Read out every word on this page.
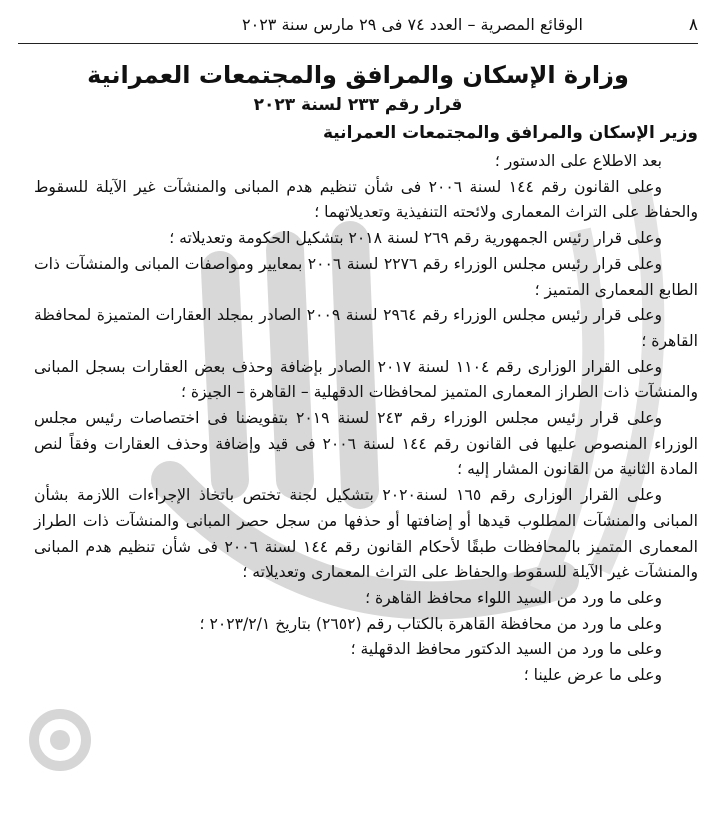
٨
الوقائع المصرية – العدد ٧٤ فى ٢٩ مارس سنة ٢٠٢٣
وزارة الإسكان والمرافق والمجتمعات العمرانية
قرار رقم ٢٣٣ لسنة ٢٠٢٣
وزير الإسكان والمرافق والمجتمعات العمرانية

بعد الاطلاع على الدستور ؛

وعلى القانون رقم ١٤٤ لسنة ٢٠٠٦ فى شأن تنظيم هدم المبانى والمنشآت غير الآيلة للسقوط والحفاظ على التراث المعمارى ولائحته التنفيذية وتعديلاتهما ؛

وعلى قرار رئيس الجمهورية رقم ٢٦٩ لسنة ٢٠١٨ بتشكيل الحكومة وتعديلاته ؛

وعلى قرار رئيس مجلس الوزراء رقم ٢٢٧٦ لسنة ٢٠٠٦ بمعايير ومواصفات المبانى والمنشآت ذات الطابع المعمارى المتميز ؛

وعلى قرار رئيس مجلس الوزراء رقم ٢٩٦٤ لسنة ٢٠٠٩ الصادر بمجلد العقارات المتميزة لمحافظة القاهرة ؛

وعلى القرار الوزارى رقم ١١٠٤ لسنة ٢٠١٧ الصادر بإضافة وحذف بعض العقارات بسجل المبانى والمنشآت ذات الطراز المعمارى المتميز لمحافظات الدقهلية – القاهرة – الجيزة ؛

وعلى قرار رئيس مجلس الوزراء رقم ٢٤٣ لسنة ٢٠١٩ بتفويضنا فى اختصاصات رئيس مجلس الوزراء المنصوص عليها فى القانون رقم ١٤٤ لسنة ٢٠٠٦ فى قيد وإضافة وحذف العقارات وفقاً لنص المادة الثانية من القانون المشار إليه ؛

وعلى القرار الوزارى رقم ١٦٥ لسنة٢٠٢٠ بتشكيل لجنة تختص باتخاذ الإجراءات اللازمة بشأن المبانى والمنشآت المطلوب قيدها أو إضافتها أو حذفها من سجل حصر المبانى والمنشآت ذات الطراز المعمارى المتميز بالمحافظات طبقًا لأحكام القانون رقم ١٤٤ لسنة ٢٠٠٦ فى شأن تنظيم هدم المبانى والمنشآت غير الآيلة للسقوط والحفاظ على التراث المعمارى وتعديلاته ؛

وعلى ما ورد من السيد اللواء محافظ القاهرة ؛

وعلى ما ورد من محافظة القاهرة بالكتاب رقم (٢٦٥٢) بتاريخ ٢٠٢٣/٢/١ ؛

وعلى ما ورد من السيد الدكتور محافظ الدقهلية ؛

وعلى ما عرض علينا ؛
